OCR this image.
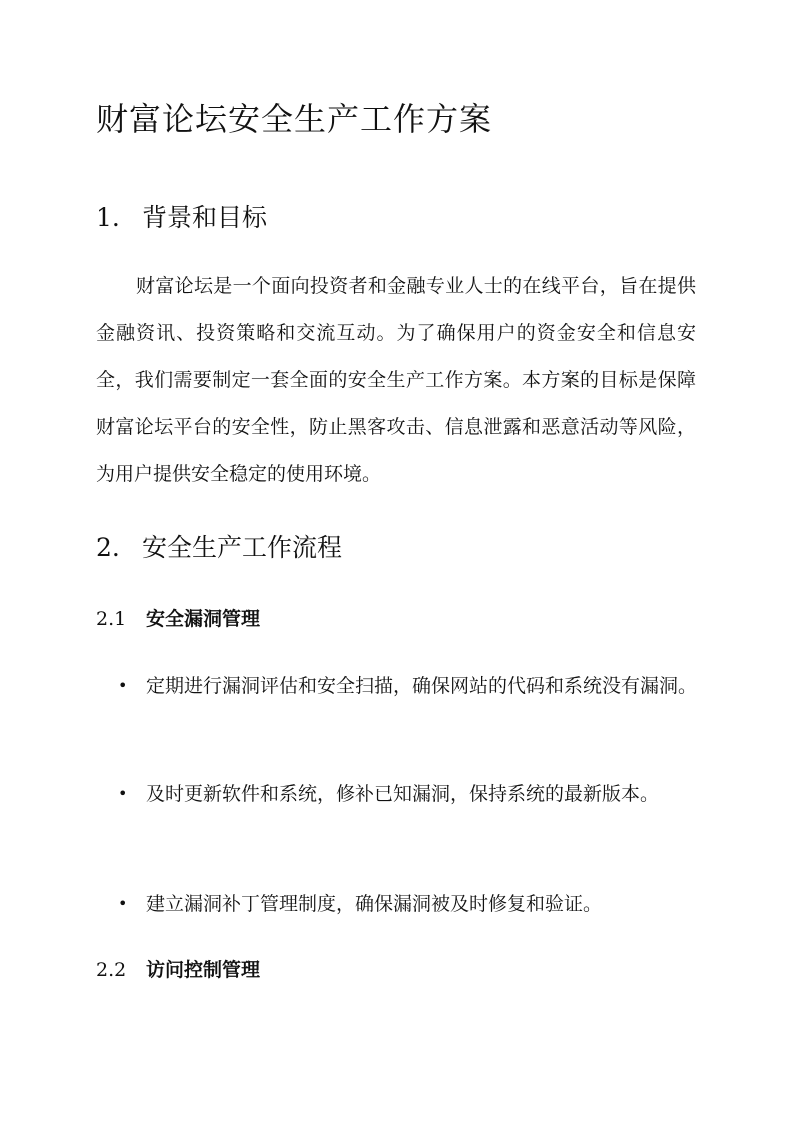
财富论坛安全生产工作方案
1. 背景和目标

财富论坛是一个面向投资者和金融专业人士的在线平台，旨在提供金融资讯、投资策略和交流互动。为了确保用户的资金安全和信息安全，我们需要制定一套全面的安全生产工作方案。本方案的目标是保障财富论坛平台的安全性，防止黑客攻击、信息泄露和恶意活动等风险，为用户提供安全稳定的使用环境。

2. 安全生产工作流程
2.1 安全漏洞管理
• 定期进行漏洞评估和安全扫描，确保网站的代码和系统没有漏洞。
• 及时更新软件和系统，修补已知漏洞，保持系统的最新版本。
• 建立漏洞补丁管理制度，确保漏洞被及时修复和验证。
2.2 访问控制管理
